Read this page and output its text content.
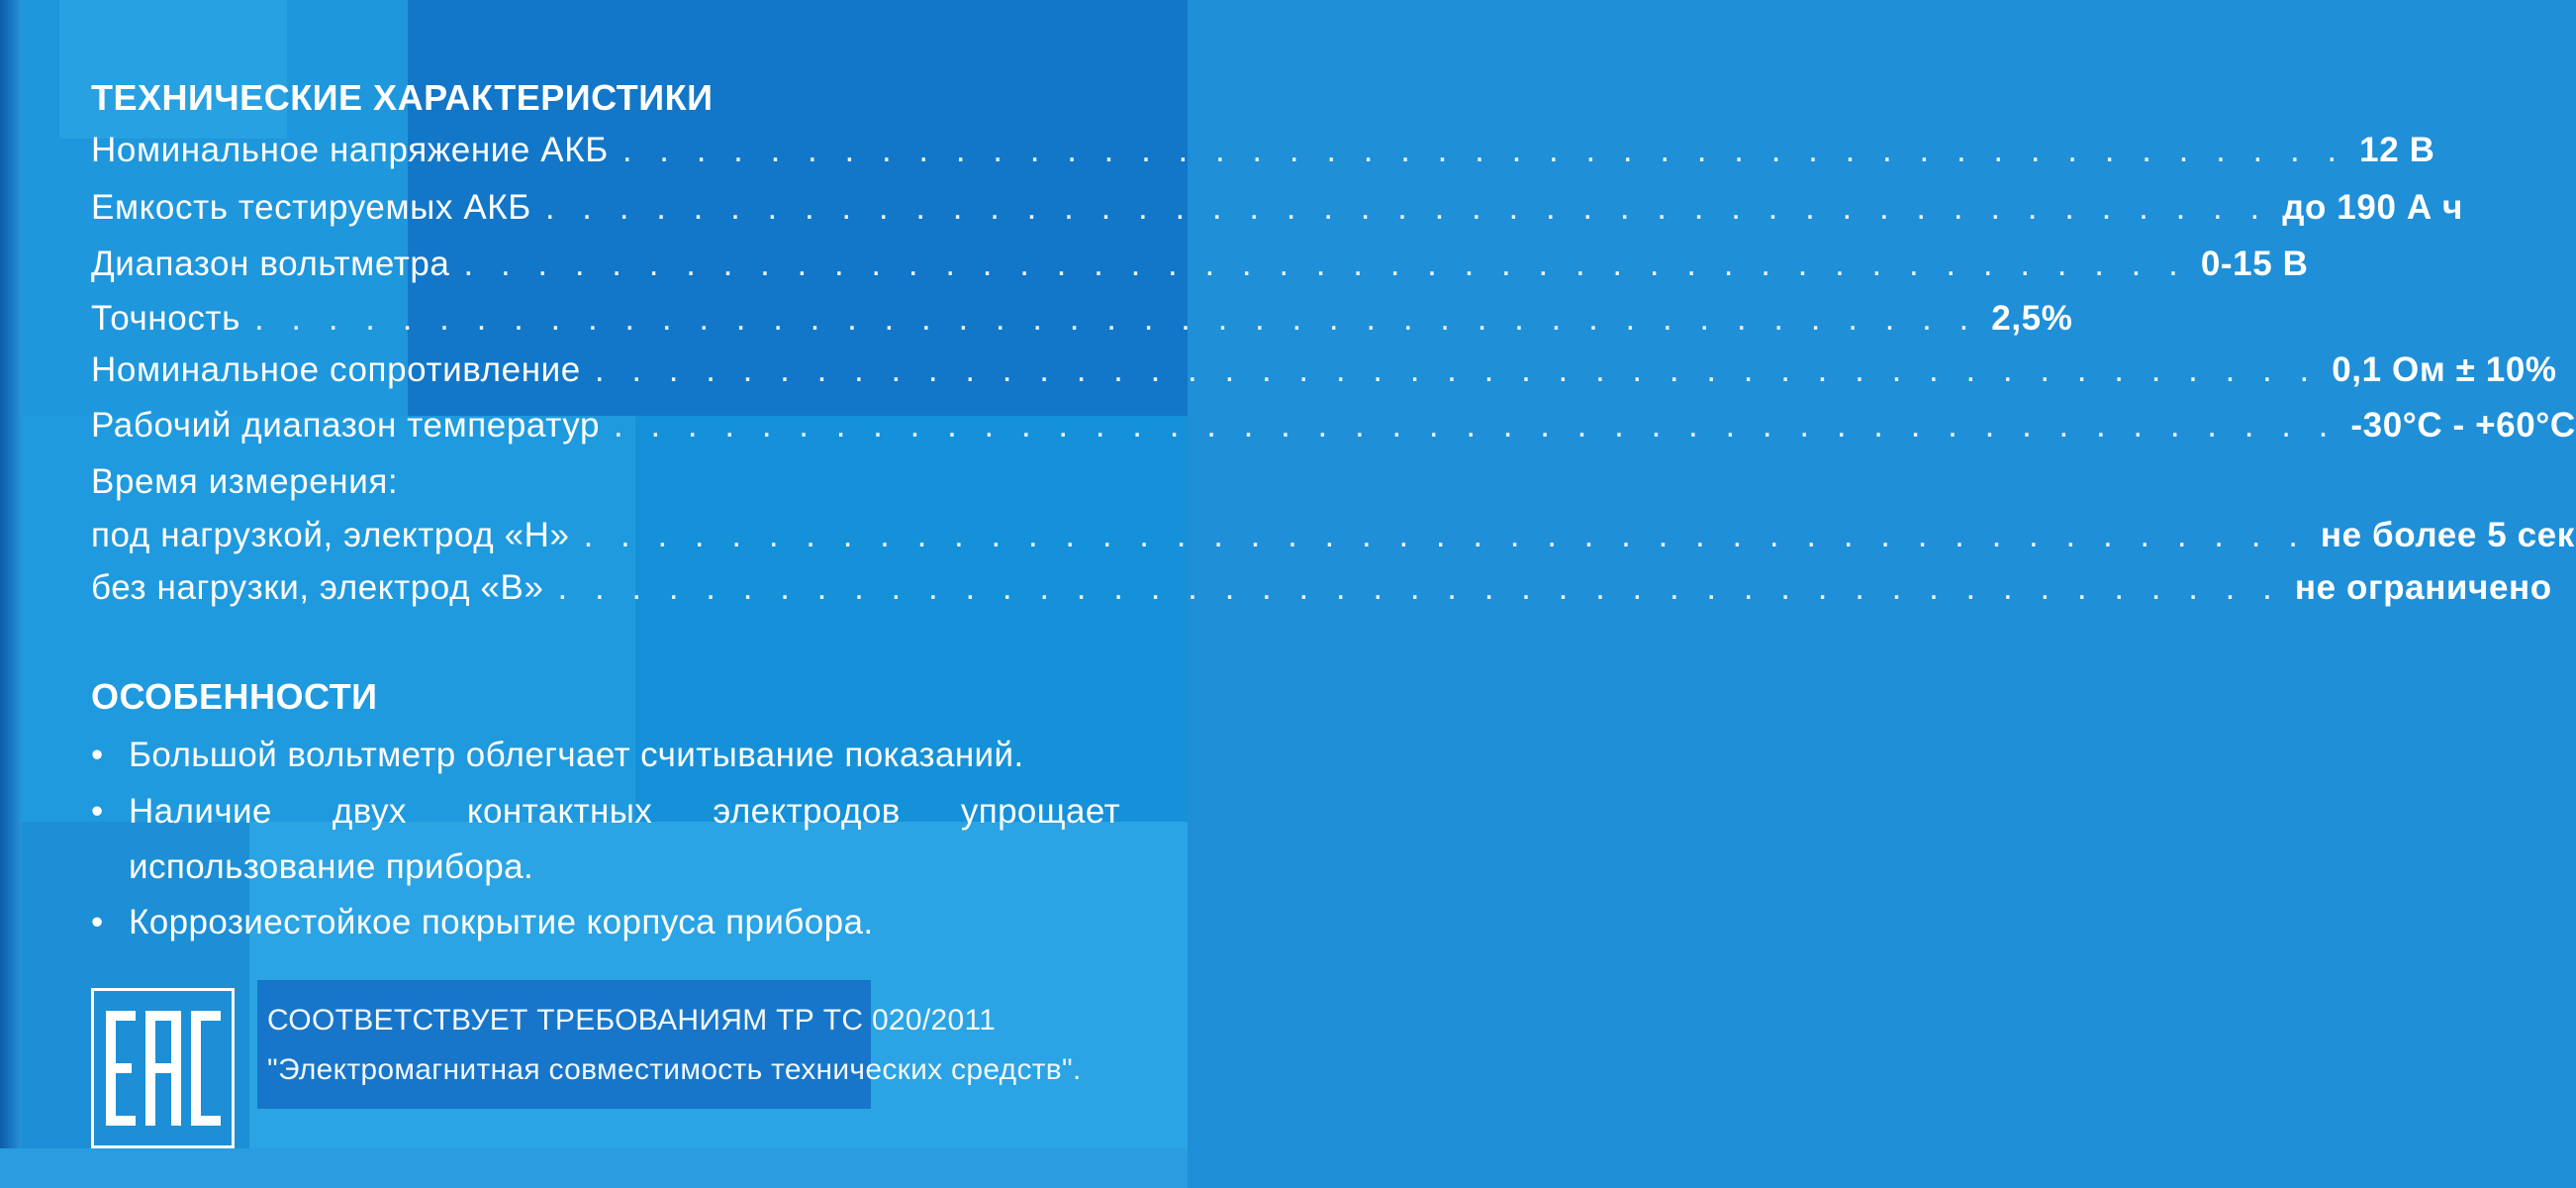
ТЕХНИЧЕСКИЕ ХАРАКТЕРИСТИКИ
Номинальное напряжение АКБ . . . . . . . . . . . . . . . . . . . . . . . . . . . . . . . . . . . . . . . . . . . . . . . 12 В
Емкость тестируемых АКБ . . . . . . . . . . . . . . . . . . . . . . . . . . . . . . . . . . . . . . . . . . . . . . . до 190 А ч
Диапазон вольтметра . . . . . . . . . . . . . . . . . . . . . . . . . . . . . . . . . . . . . . . . . . . . . . . 0-15 В
Точность . . . . . . . . . . . . . . . . . . . . . . . . . . . . . . . . . . . . . . . . . . . . . . . 2,5%
Номинальное сопротивление . . . . . . . . . . . . . . . . . . . . . . . . . . . . . . . . . . . . . . . . . . . . . . . 0,1 Ом ± 10%
Рабочий диапазон температур . . . . . . . . . . . . . . . . . . . . . . . . . . . . . . . . . . . . . . . . . . . . . . . -30°С - +60°С
Время измерения:
под нагрузкой, электрод «Н» . . . . . . . . . . . . . . . . . . . . . . . . . . . . . . . . . . . . . . . . . . . . . . . не более 5 сек
без нагрузки, электрод «В» . . . . . . . . . . . . . . . . . . . . . . . . . . . . . . . . . . . . . . . . . . . . . . . не ограничено
ОСОБЕННОСТИ
• Большой вольтметр облегчает считывание показаний.
• Наличие двух контактных электродов упрощает использование прибора.
• Коррозиестойкое покрытие корпуса прибора.
СООТВЕТСТВУЕТ ТРЕБОВАНИЯМ ТР ТС 020/2011
"Электромагнитная совместимость технических средств".
